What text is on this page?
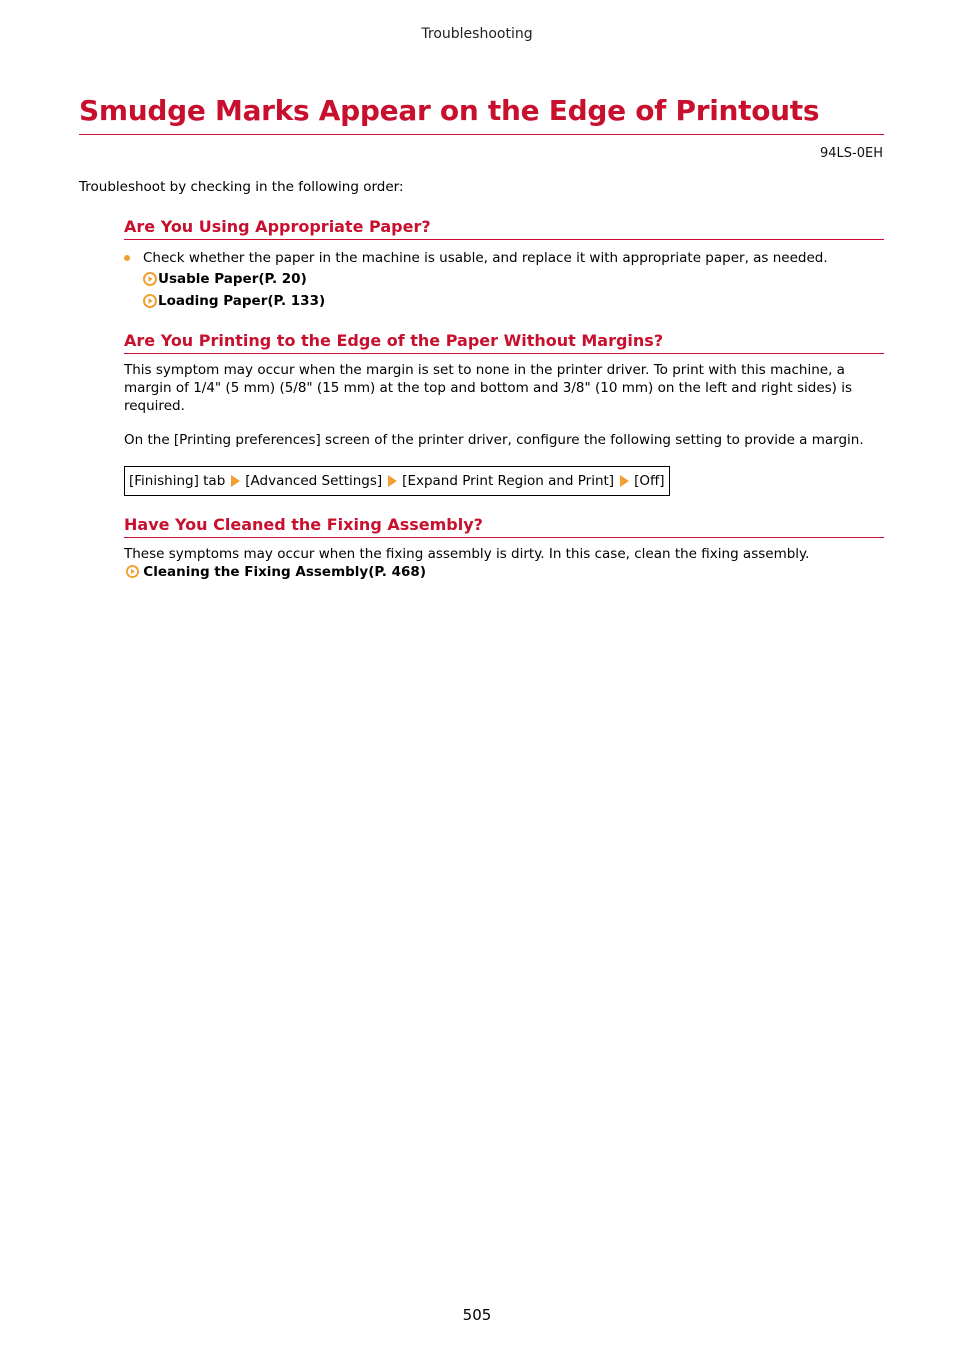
Troubleshooting
Smudge Marks Appear on the Edge of Printouts
94LS-0EH
Troubleshoot by checking in the following order:
Are You Using Appropriate Paper?
Check whether the paper in the machine is usable, and replace it with appropriate paper, as needed.
Usable Paper(P. 20)
Loading Paper(P. 133)
Are You Printing to the Edge of the Paper Without Margins?

This symptom may occur when the margin is set to none in the printer driver. To print with this machine, a margin of 1/4" (5 mm) (5/8" (15 mm) at the top and bottom and 3/8" (10 mm) on the left and right sides) is required.

On the [Printing preferences] screen of the printer driver, configure the following setting to provide a margin.

[Finishing] tab [Advanced Settings] [Expand Print Region and Print] [Off]
Have You Cleaned the Fixing Assembly?

These symptoms may occur when the fixing assembly is dirty. In this case, clean the fixing assembly.  Cleaning the Fixing Assembly(P. 468)

505
